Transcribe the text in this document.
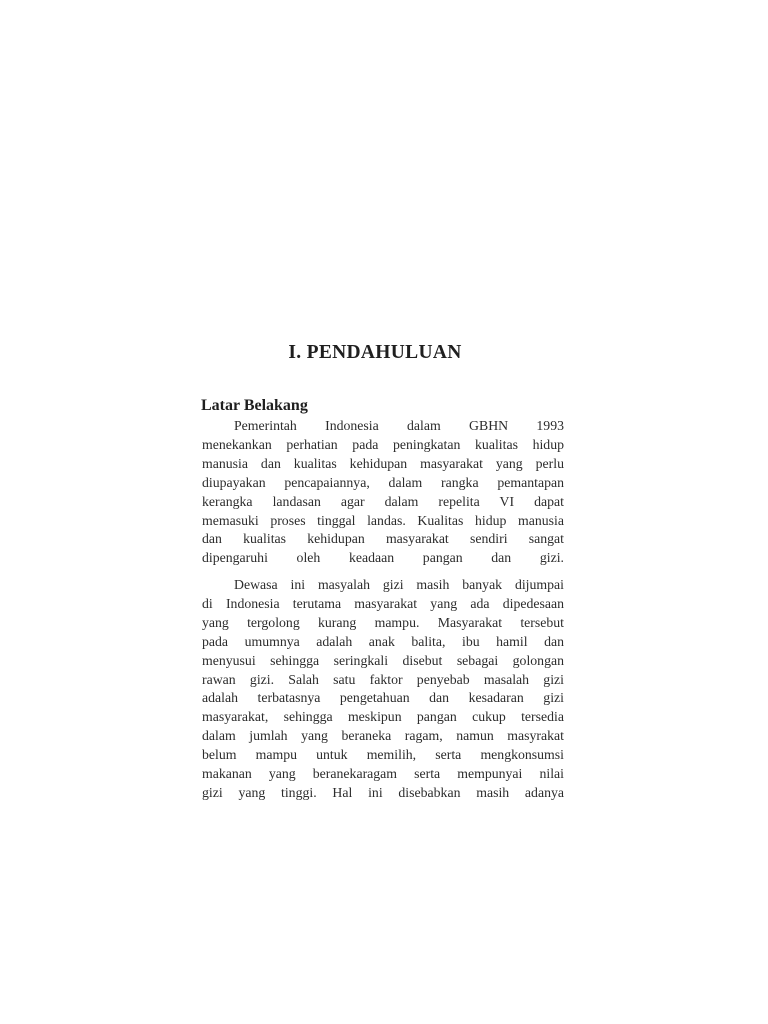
I. PENDAHULUAN
Latar Belakang

Pemerintah Indonesia dalam GBHN 1993
menekankan perhatian pada peningkatan kualitas hidup
manusia dan kualitas kehidupan masyarakat yang perlu
diupayakan pencapaiannya, dalam rangka pemantapan
kerangka landasan agar dalam repelita VI dapat
memasuki proses tinggal landas. Kualitas hidup manusia
dan kualitas kehidupan masyarakat sendiri sangat
dipengaruhi oleh keadaan pangan dan gizi.

Dewasa ini masyalah gizi masih banyak dijumpai
di Indonesia terutama masyarakat yang ada dipedesaan
yang tergolong kurang mampu. Masyarakat tersebut
pada umumnya adalah anak balita, ibu hamil dan
menyusui sehingga seringkali disebut sebagai golongan
rawan gizi. Salah satu faktor penyebab masalah gizi
adalah terbatasnya pengetahuan dan kesadaran gizi
masyarakat, sehingga meskipun pangan cukup tersedia
dalam jumlah yang beraneka ragam, namun masyrakat
belum mampu untuk memilih, serta mengkonsumsi
makanan yang beranekaragam serta mempunyai nilai
gizi yang tinggi. Hal ini disebabkan masih adanya
